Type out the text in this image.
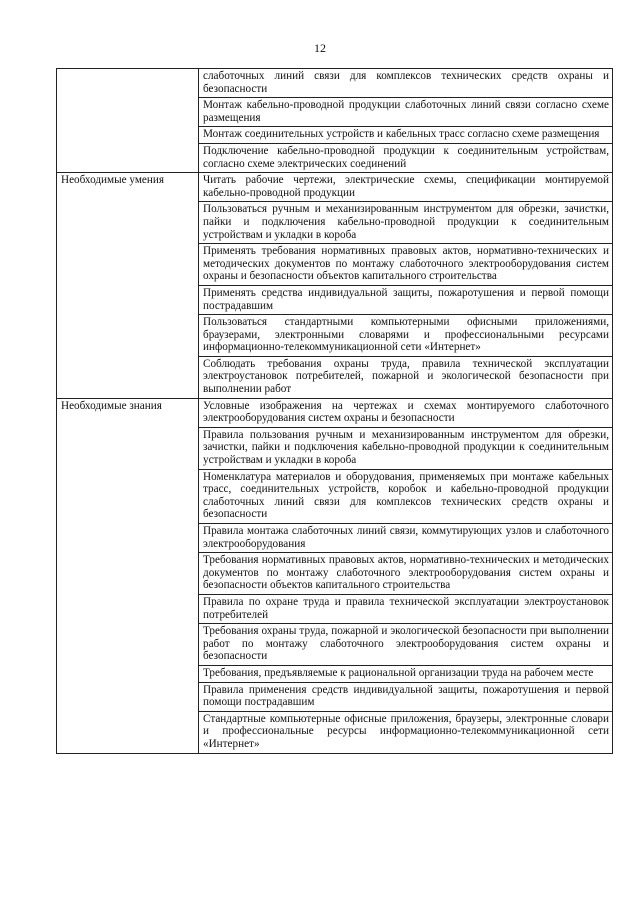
12
	слаботочных линий связи для комплексов технических средств охраны и безопасности
	Монтаж кабельно-проводной продукции слаботочных линий связи согласно схеме размещения
	Монтаж соединительных устройств и кабельных трасс согласно схеме размещения
	Подключение кабельно-проводной продукции к соединительным устройствам, согласно схеме электрических соединений
Необходимые умения	Читать рабочие чертежи, электрические схемы, спецификации монтируемой кабельно-проводной продукции
	Пользоваться ручным и механизированным инструментом для обрезки, зачистки, пайки и подключения кабельно-проводной продукции к соединительным устройствам и укладки в короба
	Применять требования нормативных правовых актов, нормативно-технических и методических документов по монтажу слаботочного электрооборудования систем охраны и безопасности объектов капитального строительства
	Применять средства индивидуальной защиты, пожаротушения и первой помощи пострадавшим
	Пользоваться стандартными компьютерными офисными приложениями, браузерами, электронными словарями и профессиональными ресурсами информационно-телекоммуникационной сети «Интернет»
	Соблюдать требования охраны труда, правила технической эксплуатации электроустановок потребителей, пожарной и экологической безопасности при выполнении работ
Необходимые знания	Условные изображения на чертежах и схемах монтируемого слаботочного электрооборудования систем охраны и безопасности
	Правила пользования ручным и механизированным инструментом для обрезки, зачистки, пайки и подключения кабельно-проводной продукции к соединительным устройствам и укладки в короба
	Номенклатура материалов и оборудования, применяемых при монтаже кабельных трасс, соединительных устройств, коробок и кабельно-проводной продукции слаботочных линий связи для комплексов технических средств охраны и безопасности
	Правила монтажа слаботочных линий связи, коммутирующих узлов и слаботочного электрооборудования
	Требования нормативных правовых актов, нормативно-технических и методических документов по монтажу слаботочного электрооборудования систем охраны и безопасности объектов капитального строительства
	Правила по охране труда и правила технической эксплуатации электроустановок потребителей
	Требования охраны труда, пожарной и экологической безопасности при выполнении работ по монтажу слаботочного электрооборудования систем охраны и безопасности
	Требования, предъявляемые к рациональной организации труда на рабочем месте
	Правила применения средств индивидуальной защиты, пожаротушения и первой помощи пострадавшим
	Стандартные компьютерные офисные приложения, браузеры, электронные словари и профессиональные ресурсы информационно-телекоммуникационной сети «Интернет»
